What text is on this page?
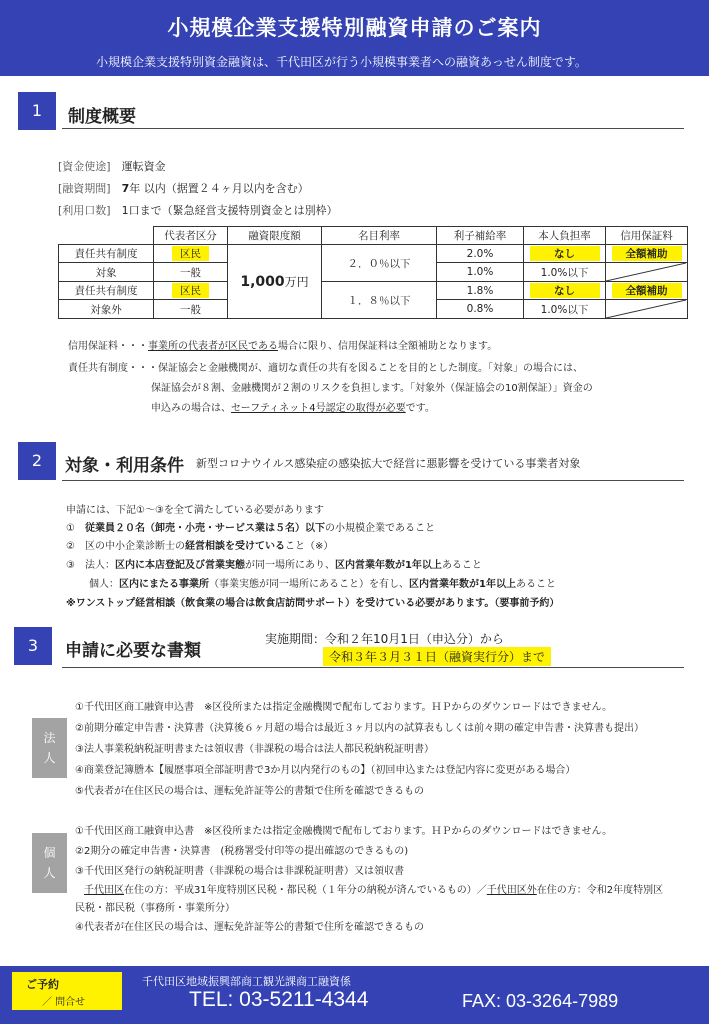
小規模企業支援特別融資申請のご案内
小規模企業支援特別資金融資は、千代田区が行う小規模事業者への融資あっせん制度です。
1	制度概要
[資金使途]　 運転資金
[融資期間]　 7年 以内（据置２４ヶ月以内を含む）
[利用口数]　 1口まで（緊急経営支援特別資金とは別枠）
	代表者区分	融資限度額	名目利率	利子補給率	本人負担率	信用保証料
責任共有制度	区民	1,000万円	２．０％以下	2.0%	なし	全額補助
対象	一般			1.0%	1.0%以下	

責任共有制度	区民		１．８％以下	1.8%	なし	全額補助
対象外	一般			0.8%	1.0%以下	
信用保証料・・・事業所の代表者が区民である場合に限り、信用保証料は全額補助となります。
責任共有制度・・・保証協会と金融機関が、適切な責任の共有を図ることを目的とした制度。「対象」の場合には、
保証協会が８割、金融機関が２割のリスクを負担します。「対象外（保証協会の10割保証）」資金の
申込みの場合は、セーフティネット4号認定の取得が必要です。
2	対象・利用条件 新型コロナウイルス感染症の感染拡大で経営に悪影響を受けている事業者対象
申請には、下記①～③を全て満たしている必要があります
①　 従業員２０名（卸売・小売・サービス業は５名）以下の小規模企業であること
②　 区の中小企業診断士の経営相談を受けていること（※）
③　 法人：区内に本店登記及び営業実態が同一場所にあり、区内営業年数が1年以上あること
個人：区内にまたる事業所（事業実態が同一場所にあること）を有し、区内営業年数が1年以上あること
※ワンストップ経営相談（飲食業の場合は飲食店訪問サポート）を受けている必要があります。（要事前予約）
3	申請に必要な書類
実施期間：令和２年10月1日（申込分）から
令和３年３月３１日（融資実行分）まで
法
人
①千代田区商工融資申込書　※区役所または指定金融機関で配布しております。ＨＰからのダウンロードはできません。
②前期分確定申告書・決算書（決算後６ヶ月超の場合は最近３ヶ月以内の試算表もしくは前々期の確定申告書・決算書も提出）
③法人事業税納税証明書または領収書（非課税の場合は法人都民税納税証明書）
④商業登記簿謄本【履歴事項全部証明書で3か月以内発行のもの】（初回申込または登記内容に変更がある場合）
⑤代表者が在住区民の場合は、運転免許証等公的書類で住所を確認できるもの
個
人
①千代田区商工融資申込書　※区役所または指定金融機関で配布しております。ＨＰからのダウンロードはできません。
②2期分の確定申告書・決算書　(税務署受付印等の提出確認のできるもの)
③千代田区発行の納税証明書（非課税の場合は非課税証明書）又は領収書
千代田区在住の方：平成31年度特別区民税・都民税（１年分の納税が済んでいるもの）／千代田区外在住の方：令和2年度特別区
民税・都民税（事務所・事業所分）
④代表者が在住区民の場合は、運転免許証等公的書類で住所を確認できるもの
ご予約
／ 問合せ
千代田区地域振興部商工観光課商工融資係
TEL: 03-5211-4344	FAX: 03-3264-7989
